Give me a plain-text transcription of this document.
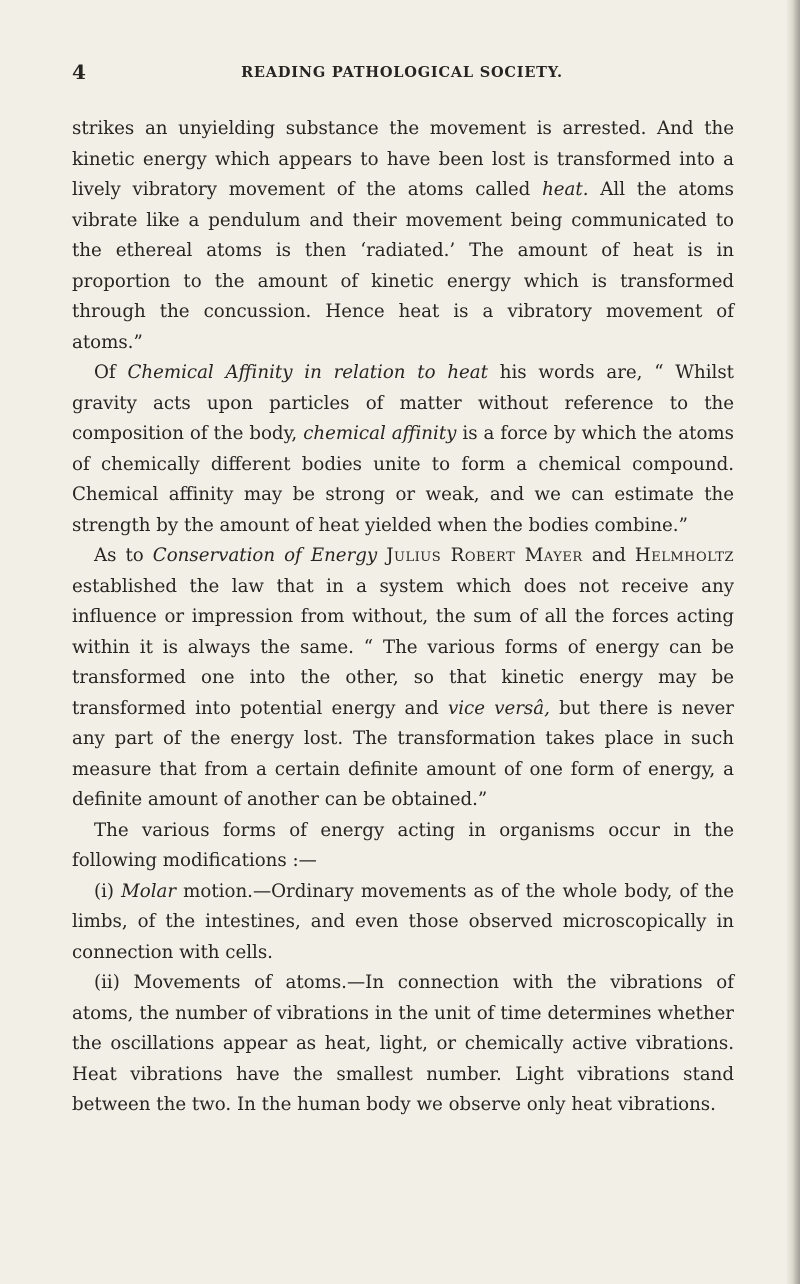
4	READING PATHOLOGICAL SOCIETY.

strikes an unyielding substance the movement is arrested. And the kinetic energy which appears to have been lost is transformed into a lively vibratory movement of the atoms called heat. All the atoms vibrate like a pendulum and their movement being communicated to the ethereal atoms is then ‘radiated.’ The amount of heat is in proportion to the amount of kinetic energy which is transformed through the concussion. Hence heat is a vibratory movement of atoms.”

Of Chemical Affinity in relation to heat his words are, “ Whilst gravity acts upon particles of matter without reference to the composition of the body, chemical affinity is a force by which the atoms of chemically different bodies unite to form a chemical compound. Chemical affinity may be strong or weak, and we can estimate the strength by the amount of heat yielded when the bodies combine.”

As to Conservation of Energy Julius Robert Mayer and Helmholtz established the law that in a system which does not receive any influence or impression from without, the sum of all the forces acting within it is always the same. “ The various forms of energy can be transformed one into the other, so that kinetic energy may be transformed into potential energy and vice versâ, but there is never any part of the energy lost. The transformation takes place in such measure that from a certain definite amount of one form of energy, a definite amount of another can be obtained.”

The various forms of energy acting in organisms occur in the following modifications :—

(i) Molar motion.—Ordinary movements as of the whole body, of the limbs, of the intestines, and even those observed microscopically in connection with cells.

(ii) Movements of atoms.—In connection with the vibrations of atoms, the number of vibrations in the unit of time determines whether the oscillations appear as heat, light, or chemically active vibrations. Heat vibrations have the smallest number. Light vibrations stand between the two. In the human body we observe only heat vibrations.
